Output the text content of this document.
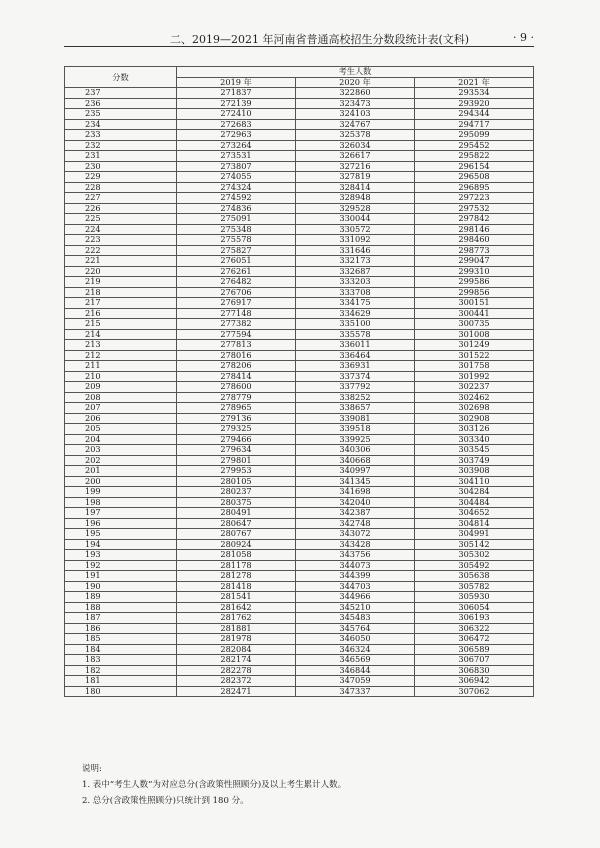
二、2019—2021 年河南省普通高校招生分数段统计表(文科)	· 9 ·
分数	考生人数		
	2019 年	2020 年	2021 年
237	271837	322860	293534
236	272139	323473	293920
235	272410	324103	294344
234	272683	324767	294717
233	272963	325378	295099
232	273264	326034	295452
231	273531	326617	295822
230	273807	327216	296154
229	274055	327819	296508
228	274324	328414	296895
227	274592	328948	297223
226	274836	329528	297532
225	275091	330044	297842
224	275348	330572	298146
223	275578	331092	298460
222	275827	331646	298773
221	276051	332173	299047
220	276261	332687	299310
219	276482	333203	299586
218	276706	333708	299856
217	276917	334175	300151
216	277148	334629	300441
215	277382	335100	300735
214	277594	335578	301008
213	277813	336011	301249
212	278016	336464	301522
211	278206	336931	301758
210	278414	337374	301992
209	278600	337792	302237
208	278779	338252	302462
207	278965	338657	302698
206	279136	339081	302908
205	279325	339518	303126
204	279466	339925	303340
203	279634	340306	303545
202	279801	340668	303749
201	279953	340997	303908
200	280105	341345	304110
199	280237	341698	304284
198	280375	342040	304484
197	280491	342387	304652
196	280647	342748	304814
195	280767	343072	304991
194	280924	343428	305142
193	281058	343756	305302
192	281178	344073	305492
191	281278	344399	305638
190	281418	344703	305782
189	281541	344966	305930
188	281642	345210	306054
187	281762	345483	306193
186	281881	345764	306322
185	281978	346050	306472
184	282084	346324	306589
183	282174	346569	306707
182	282278	346844	306830
181	282372	347059	306942
180	282471	347337	307062
说明:
1. 表中“考生人数”为对应总分(含政策性照顾分)及以上考生累计人数。
2. 总分(含政策性照顾分)只统计到 180 分。
